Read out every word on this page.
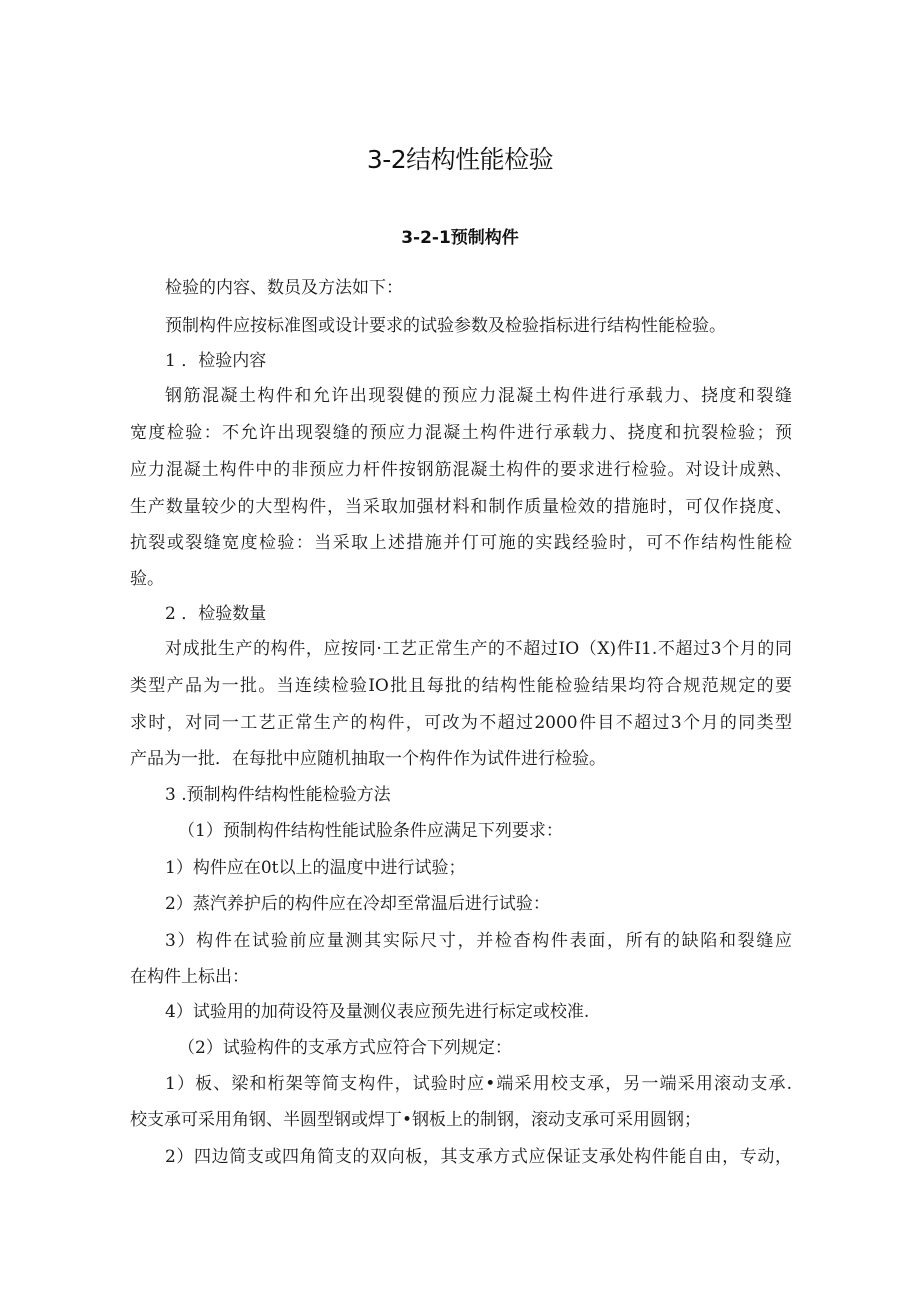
3-2结构性能检验
3-2-1预制构件

检验的内容、数员及方法如下：

预制构件应按标准图或设计要求的试验参数及检验指标进行结构性能检验。

1 ．检验内容

钢筋混凝土构件和允许出现裂健的预应力混凝土构件进行承载力、挠度和裂缝

宽度检验：不允许出现裂缝的预应力混凝土构件进行承载力、挠度和抗裂检验；预

应力混凝土构件中的非预应力杆件按钢筋混凝土构件的要求进行检验。对设计成熟、

生产数量较少的大型构件，当采取加强材料和制作质量检效的措施时，可仅作挠度、

抗裂或裂缝宽度检验：当采取上述措施并仃可施的实践经验时，可不作结构性能检

验。

2 ．检验数量

对成批生产的构件，应按同·工艺正常生产的不超过IO（X)件I1.不超过3个月的同

类型产品为一批。当连续检验IO批且每批的结构性能检验结果均符合规范规定的要

求时，对同一工艺正常生产的构件，可改为不超过2000件目不超过3个月的同类型

产品为一批．在每批中应随机抽取一个构件作为试件进行检验。

3 .预制构件结构性能检验方法

（1）预制构件结构性能试脸条件应满足下列要求：

1）构件应在0t以上的温度中进行试验；

2）蒸汽养护后的构件应在冷却至常温后进行试验：

3）构件在试验前应量测其实际尺寸，并检杳构件表面，所有的缺陷和裂缝应

在构件上标出：

4）试验用的加荷设符及量测仪表应预先进行标定或校准.

（2）试验构件的支承方式应符合下列规定：

1）板、梁和桁架等简支构件，试验时应•端采用校支承，另一端采用滚动支承.

校支承可采用角钢、半圆型钢或焊丁•钢板上的制钢，滚动支承可采用圆钢；

2）四边简支或四角简支的双向板，其支承方式应保证支承处构件能自由，专动，
